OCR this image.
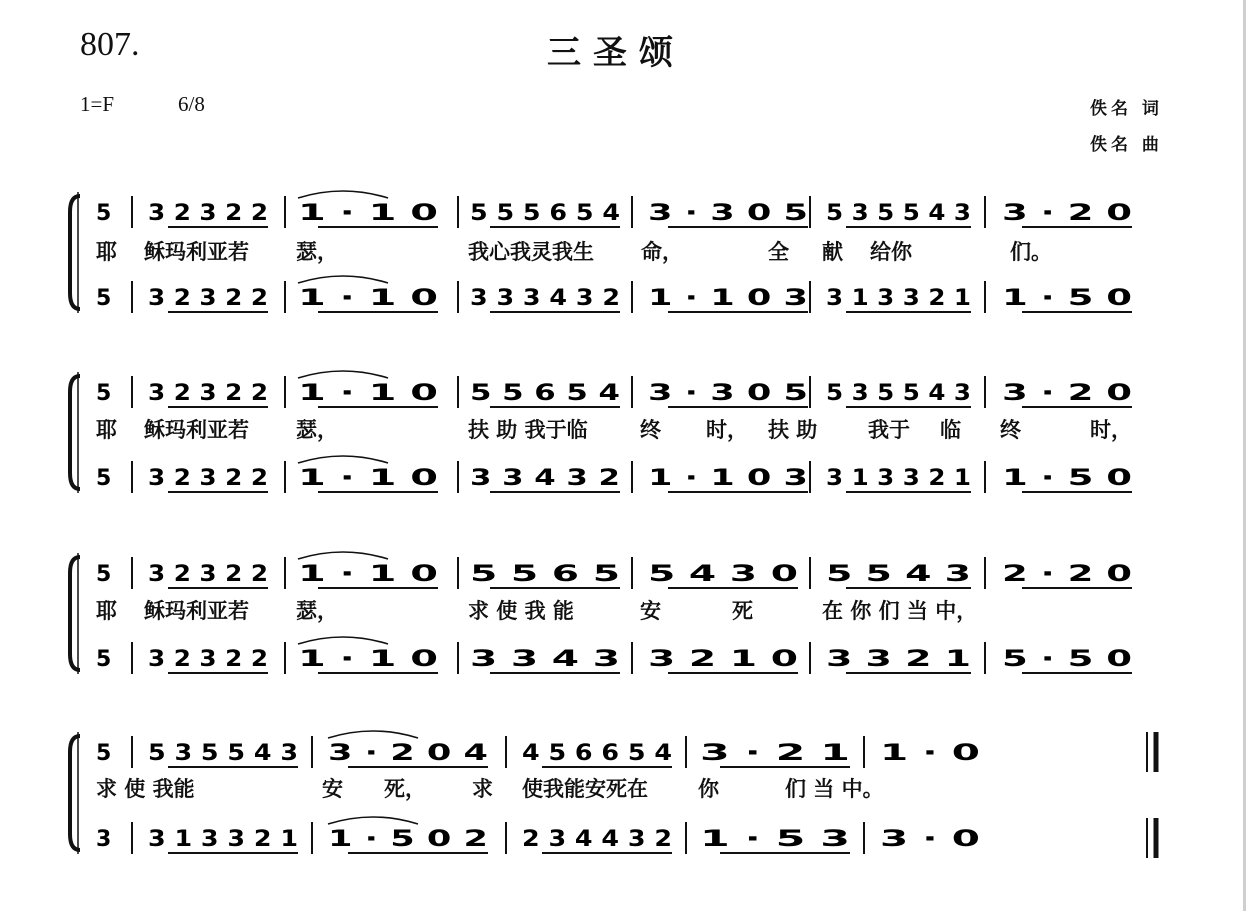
807.	三圣颂
1=F	6/8	佚名 词
佚名 曲
耶 稣玛利亚若 瑟，	我心我灵我生 命，	全 献 给你	们。
耶 稣玛利亚若 瑟，	扶 助 我于临 终 时， 扶 助 我于 临 终	时，
耶 稣玛利亚若 瑟，	求 使 我 能	安	死	在 你 们 当 中，
求 使 我能	安 死， 求 使我能安死在 你	们 当 中。
5 3 2 3 2 2 1 · 1 0 5 5 5 6 5 4 3 · 3 0 5 5 3 5 5 4 3 3 · 2 0
5 3 2 3 2 2 1 · 1 0 3 3 3 4 3 2 1 · 1 0 3 3 1 3 3 2 1 1 · 5 0
5 3 2 3 2 2 1 · 1 0 5 5 6 5 4 3 · 3 0 5 5 3 5 5 4 3 3 · 2 0
5 3 2 3 2 2 1 · 1 0 3 3 4 3 2 1 · 1 0 3 3 1 3 3 2 1 1 · 5 0
5 3 2 3 2 2 1 · 1 0 5 5 6 5 5 4 3 0 5 5 4 3 2 · 2 0
5 3 2 3 2 2 1 · 1 0 3 3 4 3 3 2 1 0 3 3 2 1 5 · 5 0
5 5 3 5 5 4 3 3 · 2 0 4 4 5 6 6 5 4 3 · 2 1 1 · 0
3 3 1 3 3 2 1 1 · 5 0 2 2 3 4 4 3 2 1 · 5 3 3 · 0
